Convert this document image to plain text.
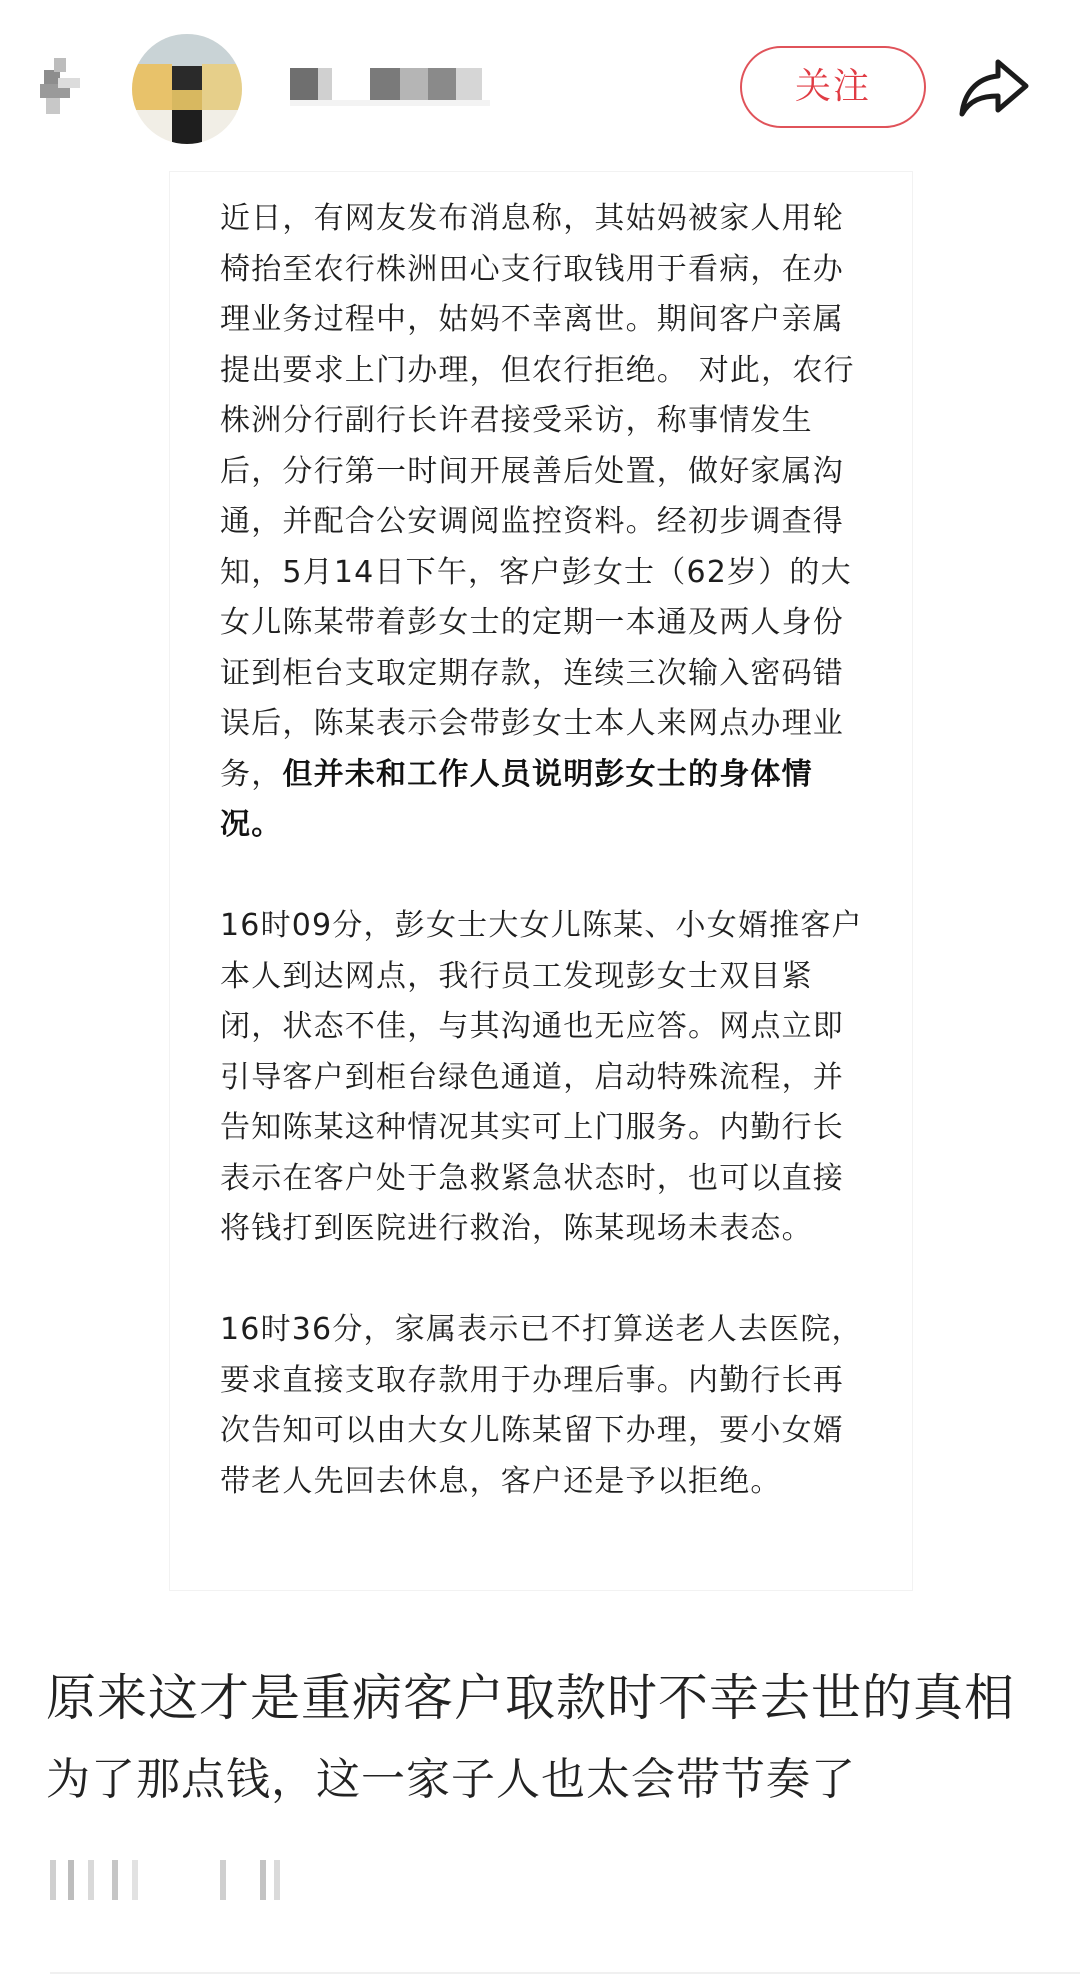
关注

近日，有网友发布消息称，其姑妈被家人用轮椅抬至农行株洲田心支行取钱用于看病，在办理业务过程中，姑妈不幸离世。期间客户亲属提出要求上门办理，但农行拒绝。 对此，农行株洲分行副行长许君接受采访，称事情发生后，分行第一时间开展善后处置，做好家属沟通，并配合公安调阅监控资料。经初步调查得知，5月14日下午，客户彭女士（62岁）的大女儿陈某带着彭女士的定期一本通及两人身份证到柜台支取定期存款，连续三次输入密码错误后，陈某表示会带彭女士本人来网点办理业务，但并未和工作人员说明彭女士的身体情况。

16时09分，彭女士大女儿陈某、小女婿推客户本人到达网点，我行员工发现彭女士双目紧闭，状态不佳，与其沟通也无应答。网点立即引导客户到柜台绿色通道，启动特殊流程，并告知陈某这种情况其实可上门服务。内勤行长表示在客户处于急救紧急状态时，也可以直接将钱打到医院进行救治，陈某现场未表态。

16时36分，家属表示已不打算送老人去医院，要求直接支取存款用于办理后事。内勤行长再次告知可以由大女儿陈某留下办理，要小女婿带老人先回去休息，客户还是予以拒绝。

原来这才是重病客户取款时不幸去世的真相
为了那点钱，这一家子人也太会带节奏了
